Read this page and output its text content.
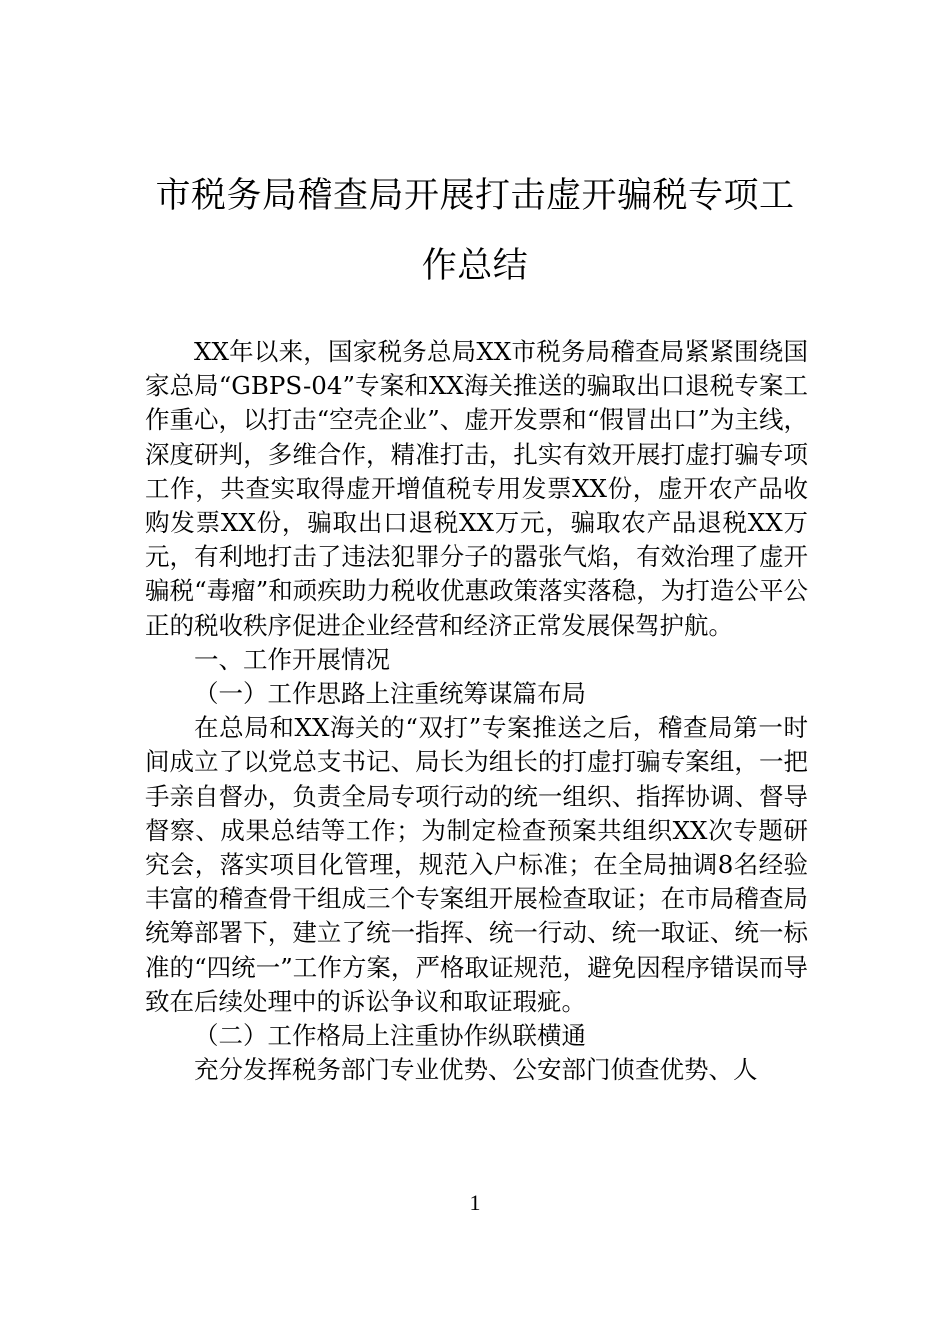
市税务局稽查局开展打击虚开骗税专项工
作总结

XX年以来，国家税务总局XX市税务局稽查局紧紧围绕国家总局“GBPS-04”专案和XX海关推送的骗取出口退税专案工作重心，以打击“空壳企业”、虚开发票和“假冒出口”为主线，深度研判，多维合作，精准打击，扎实有效开展打虚打骗专项工作，共查实取得虚开增值税专用发票XX份，虚开农产品收购发票XX份，骗取出口退税XX万元，骗取农产品退税XX万元，有利地打击了违法犯罪分子的嚣张气焰，有效治理了虚开骗税“毒瘤”和顽疾助力税收优惠政策落实落稳，为打造公平公正的税收秩序促进企业经营和经济正常发展保驾护航。

一、工作开展情况

（一）工作思路上注重统筹谋篇布局

在总局和XX海关的“双打”专案推送之后，稽查局第一时间成立了以党总支书记、局长为组长的打虚打骗专案组，一把手亲自督办，负责全局专项行动的统一组织、指挥协调、督导督察、成果总结等工作；为制定检查预案共组织XX次专题研究会，落实项目化管理，规范入户标准；在全局抽调8名经验丰富的稽查骨干组成三个专案组开展检查取证；在市局稽查局统筹部署下，建立了统一指挥、统一行动、统一取证、统一标准的“四统一”工作方案，严格取证规范，避免因程序错误而导致在后续处理中的诉讼争议和取证瑕疵。

（二）工作格局上注重协作纵联横通

充分发挥税务部门专业优势、公安部门侦查优势、人

1
